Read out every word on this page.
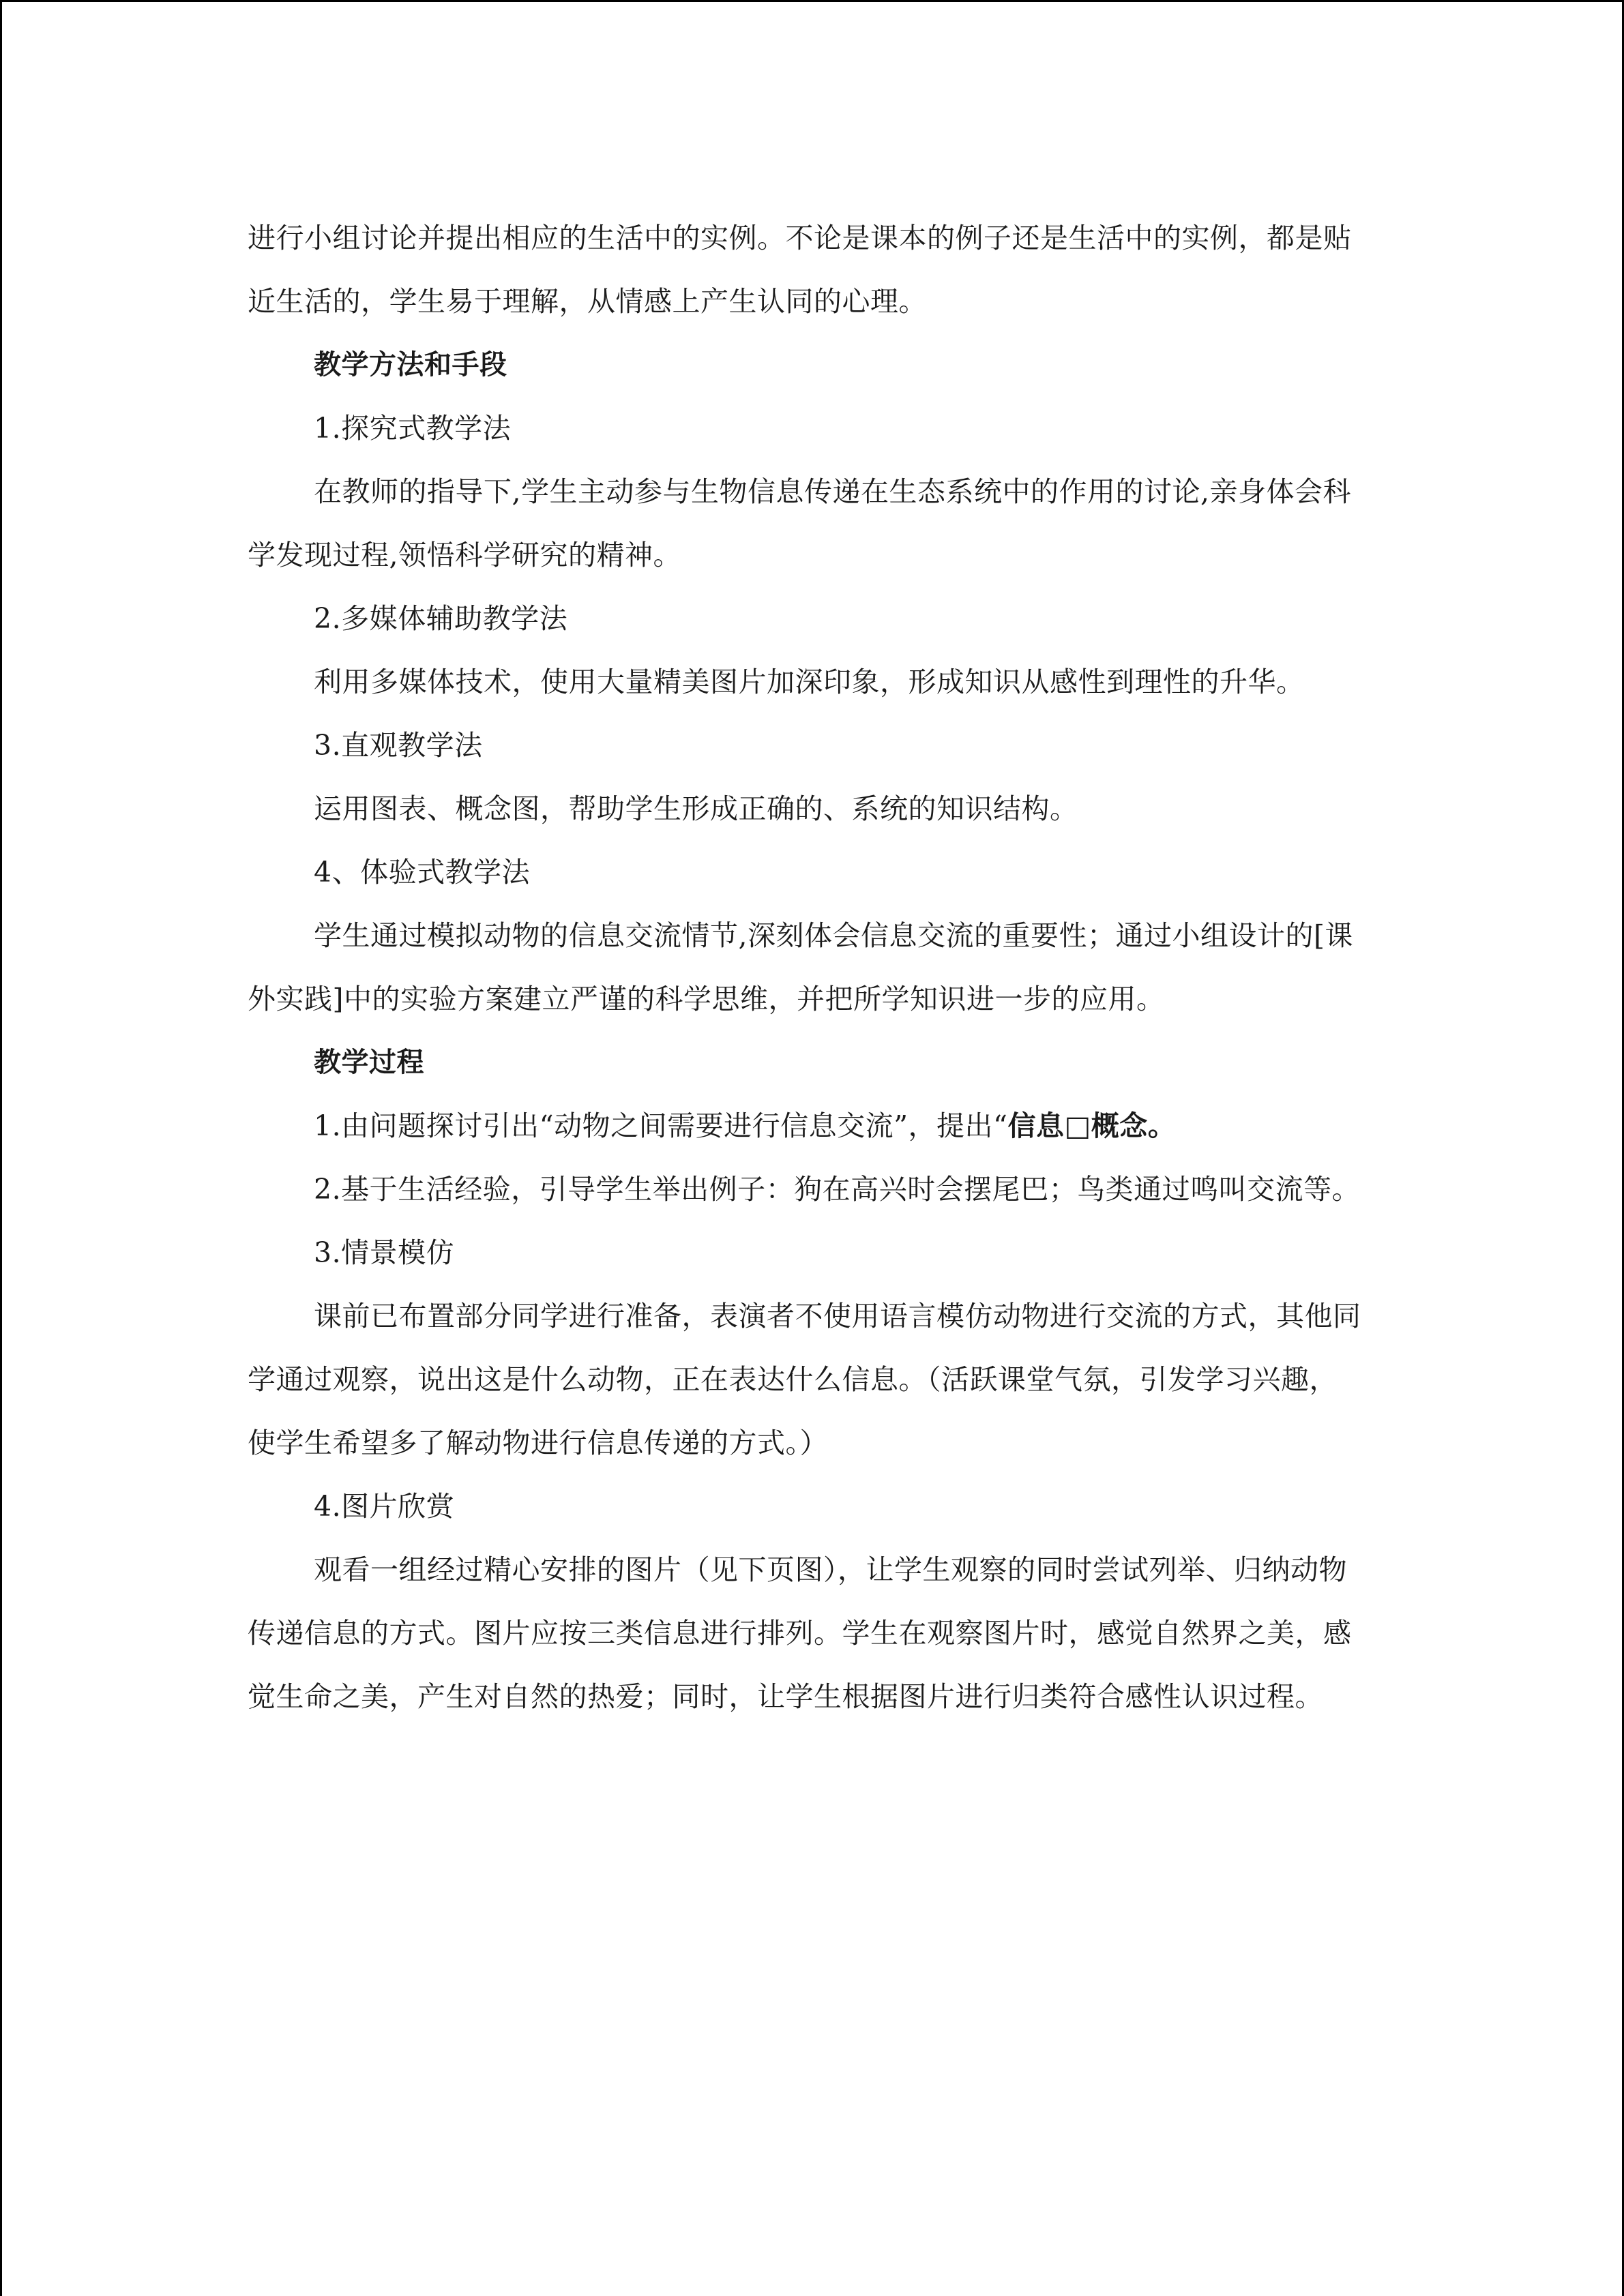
进行小组讨论并提出相应的生活中的实例。不论是课本的例子还是生活中的实例，都是贴
近生活的，学生易于理解，从情感上产生认同的心理。
教学方法和手段
1.探究式教学法
在教师的指导下,学生主动参与生物信息传递在生态系统中的作用的讨论,亲身体会科
学发现过程,领悟科学研究的精神。
2.多媒体辅助教学法
利用多媒体技术，使用大量精美图片加深印象，形成知识从感性到理性的升华。
3.直观教学法
运用图表、概念图，帮助学生形成正确的、系统的知识结构。
4、体验式教学法
学生通过模拟动物的信息交流情节,深刻体会信息交流的重要性；通过小组设计的[课
外实践]中的实验方案建立严谨的科学思维，并把所学知识进一步的应用。
教学过程
1.由问题探讨引出“动物之间需要进行信息交流”，提出“信息□概念。
2.基于生活经验，引导学生举出例子：狗在高兴时会摆尾巴；鸟类通过鸣叫交流等。
3.情景模仿
课前已布置部分同学进行准备，表演者不使用语言模仿动物进行交流的方式，其他同
学通过观察，说出这是什么动物，正在表达什么信息。（活跃课堂气氛，引发学习兴趣，
使学生希望多了解动物进行信息传递的方式。）
4.图片欣赏
观看一组经过精心安排的图片（见下页图），让学生观察的同时尝试列举、归纳动物
传递信息的方式。图片应按三类信息进行排列。学生在观察图片时，感觉自然界之美，感
觉生命之美，产生对自然的热爱；同时，让学生根据图片进行归类符合感性认识过程。
